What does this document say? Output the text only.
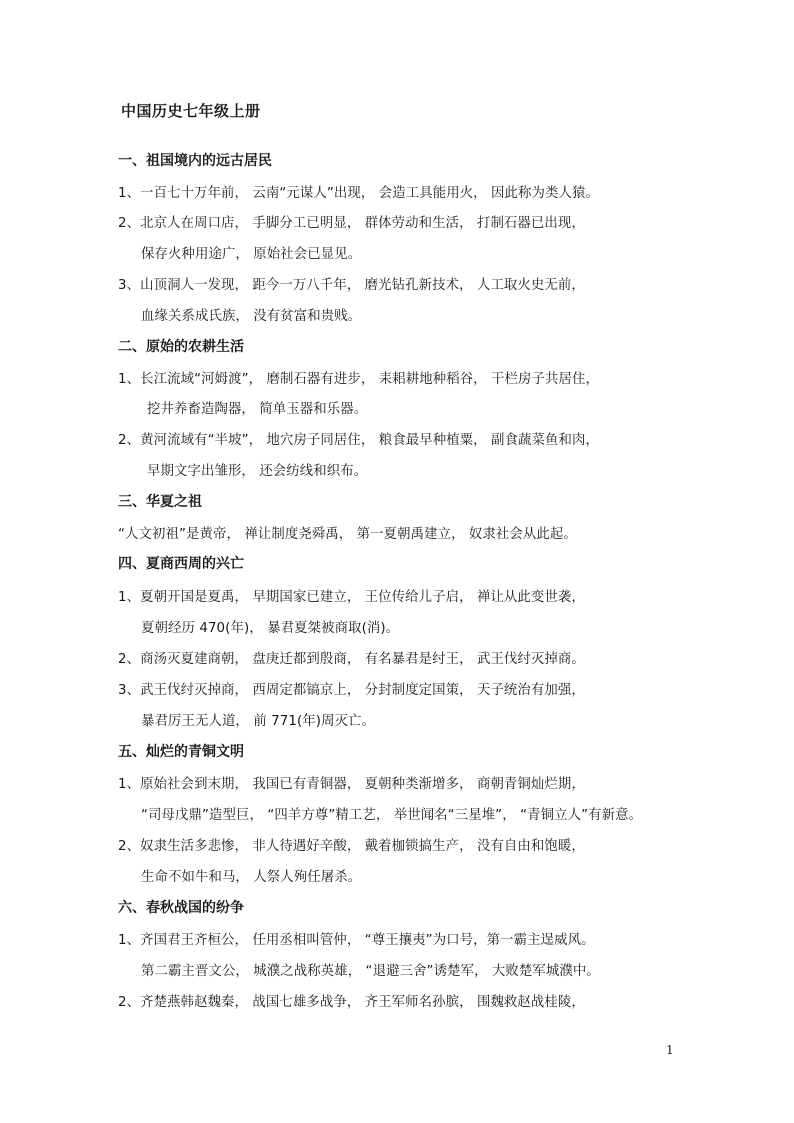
中国历史七年级上册
一、祖国境内的远古居民
1、一百七十万年前， 云南“元谋人”出现， 会造工具能用火， 因此称为类人猿。
2、北京人在周口店， 手脚分工已明显， 群体劳动和生活， 打制石器已出现，
保存火种用途广， 原始社会已显见。
3、山顶洞人一发现， 距今一万八千年， 磨光钻孔新技术， 人工取火史无前，
血缘关系成氏族， 没有贫富和贵贱。
二、原始的农耕生活
1、长江流域“河姆渡”， 磨制石器有进步， 耒耜耕地种稻谷， 干栏房子共居住，
挖井养畜造陶器， 简单玉器和乐器。
2、黄河流域有“半坡”， 地穴房子同居住， 粮食最早种植粟， 副食蔬菜鱼和肉，
早期文字出雏形， 还会纺线和织布。
三、华夏之祖
“人文初祖”是黄帝， 禅让制度尧舜禹， 第一夏朝禹建立， 奴隶社会从此起。
四、夏商西周的兴亡
1、夏朝开国是夏禹， 早期国家已建立， 王位传给儿子启， 禅让从此变世袭，
夏朝经历 470(年)， 暴君夏桀被商取(消)。
2、商汤灭夏建商朝， 盘庚迁都到殷商， 有名暴君是纣王， 武王伐纣灭掉商。
3、武王伐纣灭掉商， 西周定都镐京上， 分封制度定国策， 天子统治有加强，
暴君厉王无人道， 前 771(年)周灭亡。
五、灿烂的青铜文明
1、原始社会到末期， 我国已有青铜器， 夏朝种类渐增多， 商朝青铜灿烂期，
“司母戊鼎”造型巨， “四羊方尊”精工艺， 举世闻名“三星堆”， “青铜立人”有新意。
2、奴隶生活多悲惨， 非人待遇好辛酸， 戴着枷锁搞生产， 没有自由和饱暖，
生命不如牛和马， 人祭人殉任屠杀。
六、春秋战国的纷争
1、齐国君王齐桓公， 任用丞相叫管仲， “尊王攘夷”为口号，第一霸主逞威风。
第二霸主晋文公， 城濮之战称英雄， “退避三舍”诱楚军， 大败楚军城濮中。
2、齐楚燕韩赵魏秦， 战国七雄多战争， 齐王军师名孙膑， 围魏救赵战桂陵，
1
